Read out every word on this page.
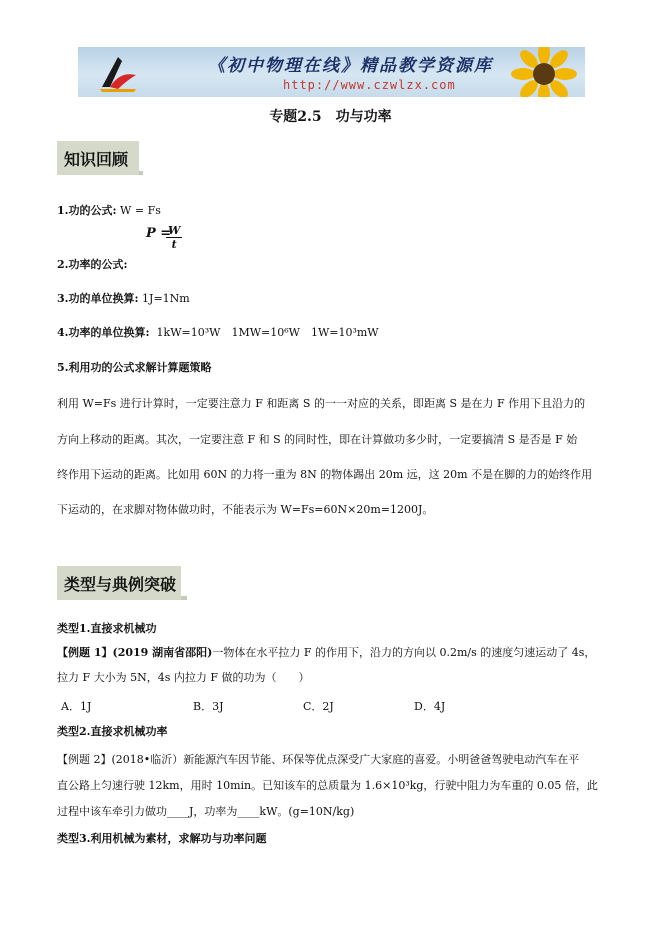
《初中物理在线》精品教学资源库
http://www.czwlzx.com
专题2.5　功与功率
知识回顾
1.功的公式: W = Fs
P =
$\frac{W}{t}$
2.功率的公式:
3.功的单位换算: 1J=1Nm
4.功率的单位换算: 1kW=10³W　1MW=10⁶W　1W=10³mW
5.利用功的公式求解计算题策略
利用 W=Fs 进行计算时，一定要注意力 F 和距离 S 的一一对应的关系，即距离 S 是在力 F 作用下且沿力的
方向上移动的距离。其次，一定要注意 F 和 S 的同时性，即在计算做功多少时，一定要搞清 S 是否是 F 始
终作用下运动的距离。比如用 60N 的力将一重为 8N 的物体踢出 20m 远，这 20m 不是在脚的力的始终作用
下运动的，在求脚对物体做功时，不能表示为 W=Fs=60N×20m=1200J。
类型与典例突破
类型1.直接求机械功
【例题 1】(2019 湖南省邵阳)一物体在水平拉力 F 的作用下，沿力的方向以 0.2m/s 的速度匀速运动了 4s，
拉力 F 大小为 5N，4s 内拉力 F 做的功为（　　）
A．1J	B．3J	C．2J	D．4J
类型2.直接求机械功率
【例题 2】(2018•临沂）新能源汽车因节能、环保等优点深受广大家庭的喜爱。小明爸爸驾驶电动汽车在平
直公路上匀速行驶 12km，用时 10min。已知该车的总质量为 1.6×10³kg，行驶中阻力为车重的 0.05 倍，此
过程中该车牵引力做功____J，功率为____kW。(g=10N/kg)
类型3.利用机械为素材，求解功与功率问题
